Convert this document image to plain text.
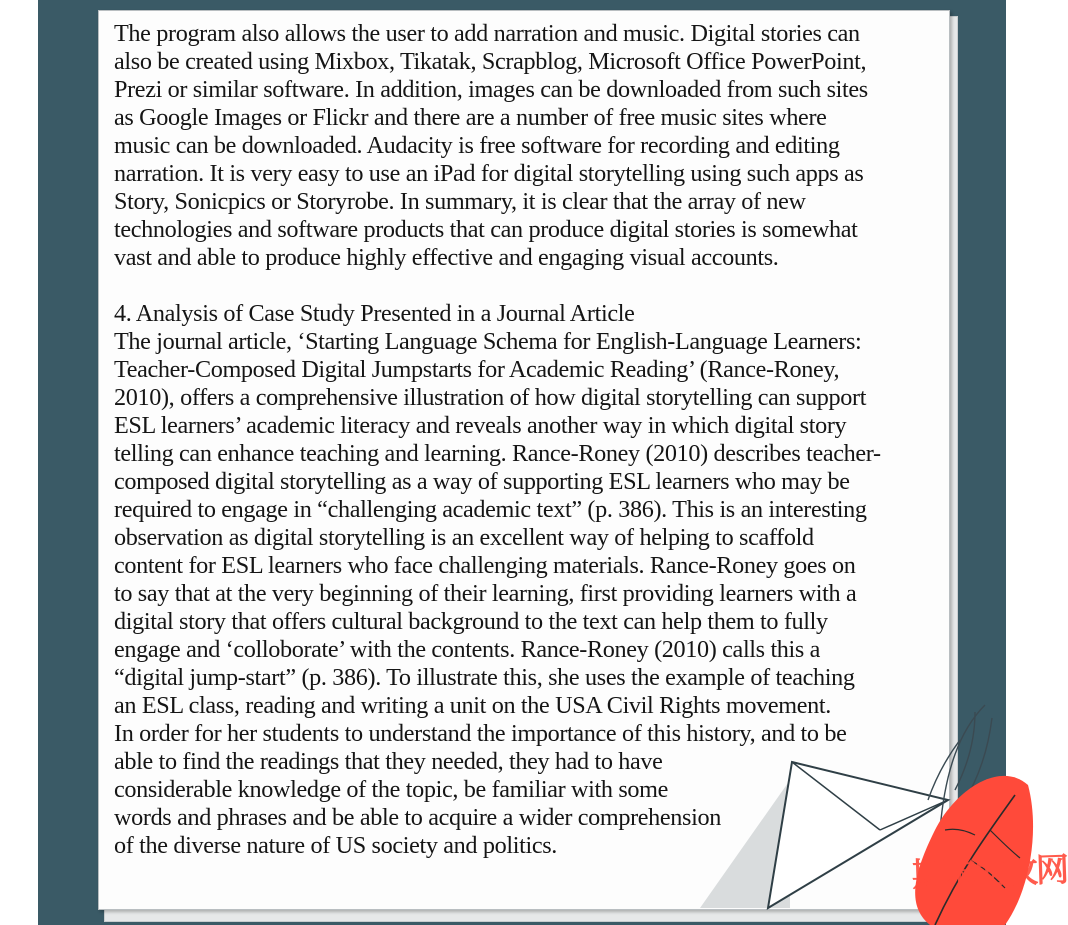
The program also allows the user to add narration and music. Digital stories can
also be created using Mixbox, Tikatak, Scrapblog, Microsoft Office PowerPoint,
Prezi or similar software. In addition, images can be downloaded from such sites
as Google Images or Flickr and there are a number of free music sites where
music can be downloaded. Audacity is free software for recording and editing
narration. It is very easy to use an iPad for digital storytelling using such apps as
Story, Sonicpics or Storyrobe. In summary, it is clear that the array of new
technologies and software products that can produce digital stories is somewhat
vast and able to produce highly effective and engaging visual accounts.
4. Analysis of Case Study Presented in a Journal Article
The journal article, ‘Starting Language Schema for English-Language Learners:
Teacher-Composed Digital Jumpstarts for Academic Reading’ (Rance-Roney,
2010), offers a comprehensive illustration of how digital storytelling can support
ESL learners’ academic literacy and reveals another way in which digital story
telling can enhance teaching and learning. Rance-Roney (2010) describes teacher-
composed digital storytelling as a way of supporting ESL learners who may be
required to engage in “challenging academic text” (p. 386). This is an interesting
observation as digital storytelling is an excellent way of helping to scaffold
content for ESL learners who face challenging materials. Rance-Roney goes on
to say that at the very beginning of their learning, first providing learners with a
digital story that offers cultural background to the text can help them to fully
engage and ‘colloborate’ with the contents. Rance-Roney (2010) calls this a
“digital jump-start” (p. 386). To illustrate this, she uses the example of teaching
an ESL class, reading and writing a unit on the USA Civil Rights movement.
In order for her students to understand the importance of this history, and to be
able to find the readings that they needed, they had to have
considerable knowledge of the topic, be familiar with some
words and phrases and be able to acquire a wider comprehension
of the diverse nature of US society and politics.
期末助攻网
